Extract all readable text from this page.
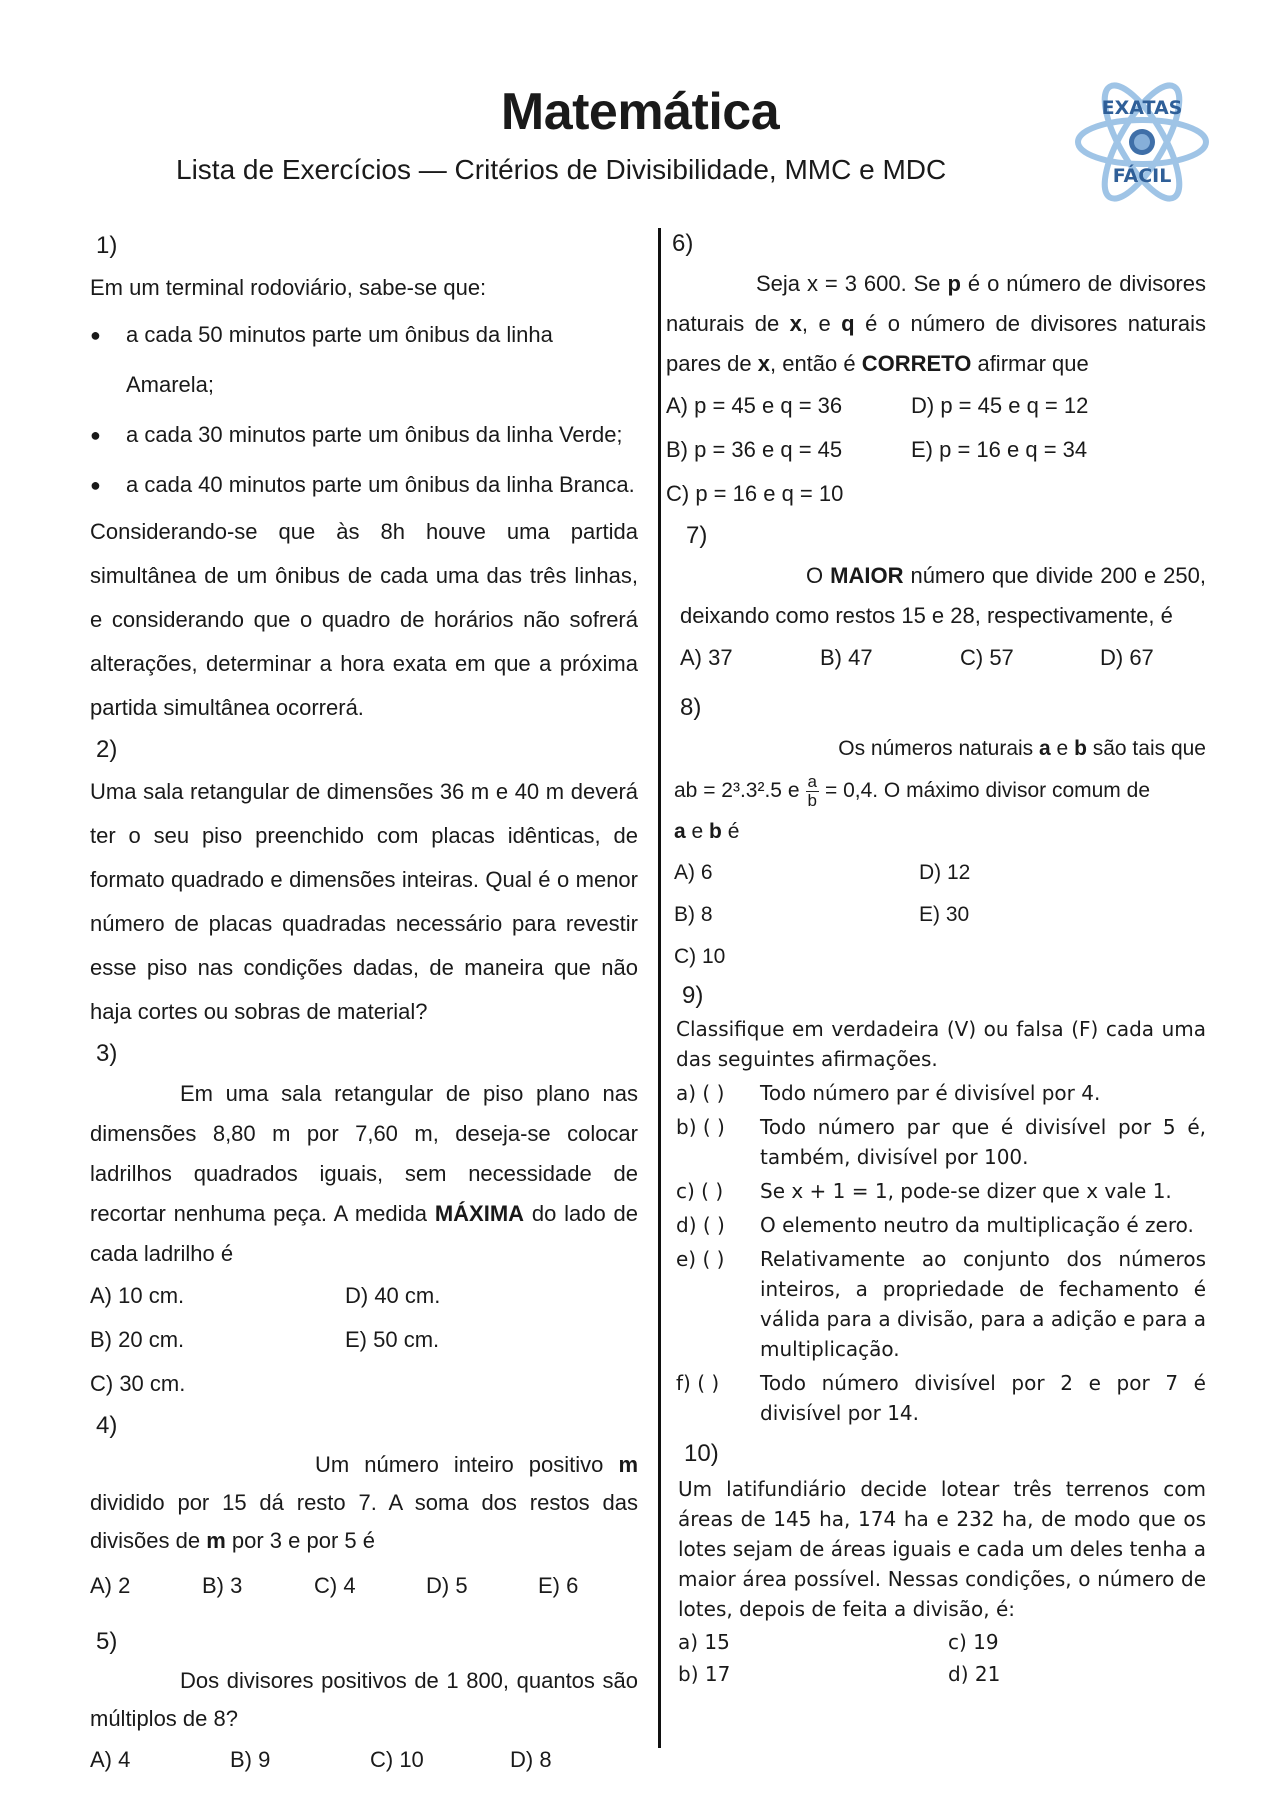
Matemática

Lista de Exercícios — Critérios de Divisibilidade, MMC e MDC

EXATAS
FÁCIL
1)

Em um terminal rodoviário, sabe-se que:

●	a cada 50 minutos parte um ônibus da linha Amarela;
●	a cada 30 minutos parte um ônibus da linha Verde;
●	a cada 40 minutos parte um ônibus da linha Branca.

Considerando-se que às 8h houve uma partida simultânea de um ônibus de cada uma das três linhas, e considerando que o quadro de horários não sofrerá alterações, determinar a hora exata em que a próxima partida simultânea ocorrerá.

2)

Uma sala retangular de dimensões 36 m e 40 m deverá ter o seu piso preenchido com placas idênticas, de formato quadrado e dimensões inteiras. Qual é o menor número de placas quadradas necessário para revestir esse piso nas condições dadas, de maneira que não haja cortes ou sobras de material?

3)

Em uma sala retangular de piso plano nas dimensões 8,80 m por 7,60 m, deseja-se colocar ladrilhos quadrados iguais, sem necessidade de recortar nenhuma peça. A medida MÁXIMA do lado de cada ladrilho é

A) 10 cm.	D) 40 cm.
B) 20 cm.	E) 50 cm.
C) 30 cm.
4)

Um número inteiro positivo m dividido por 15 dá resto 7. A soma dos restos das divisões de m por 3 e por 5 é

A) 2	B) 3	C) 4	D) 5	E) 6
5)

Dos divisores positivos de 1 800, quantos são múltiplos de 8?

A) 4	B) 9	C) 10	D) 8
6)

Seja x = 3 600. Se p é o número de divisores naturais de x, e q é o número de divisores naturais pares de x, então é CORRETO afirmar que

A) p = 45 e q = 36	D) p = 45 e q = 12
B) p = 36 e q = 45	E) p = 16 e q = 34
C) p = 16 e q = 10
7)

O MAIOR número que divide 200 e 250, deixando como restos 15 e 28, respectivamente, é

A) 37	B) 47	C) 57	D) 67
8)

Os números naturais a e b são tais que

ab = 2³.3².5 e $\frac{a}{b} = 0,4$. O máximo divisor comum de

a e b é

A) 6	D) 12
B) 8	E) 30
C) 10
9)

Classifique em verdadeira (V) ou falsa (F) cada uma das seguintes afirmações.

a) ( )	Todo número par é divisível por 4.
b) ( )	Todo número par que é divisível por 5 é, também, divisível por 100.
c) ( )	Se x + 1 = 1, pode-se dizer que x vale 1.
d) ( )	O elemento neutro da multiplicação é zero.
e) ( )	Relativamente ao conjunto dos números inteiros, a propriedade de fechamento é válida para a divisão, para a adição e para a multiplicação.
f) ( )	Todo número divisível por 2 e por 7 é divisível por 14.
10)

Um latifundiário decide lotear três terrenos com áreas de 145 ha, 174 ha e 232 ha, de modo que os lotes sejam de áreas iguais e cada um deles tenha a maior área possível. Nessas condições, o número de lotes, depois de feita a divisão, é:

a) 15	c) 19
b) 17	d) 21
